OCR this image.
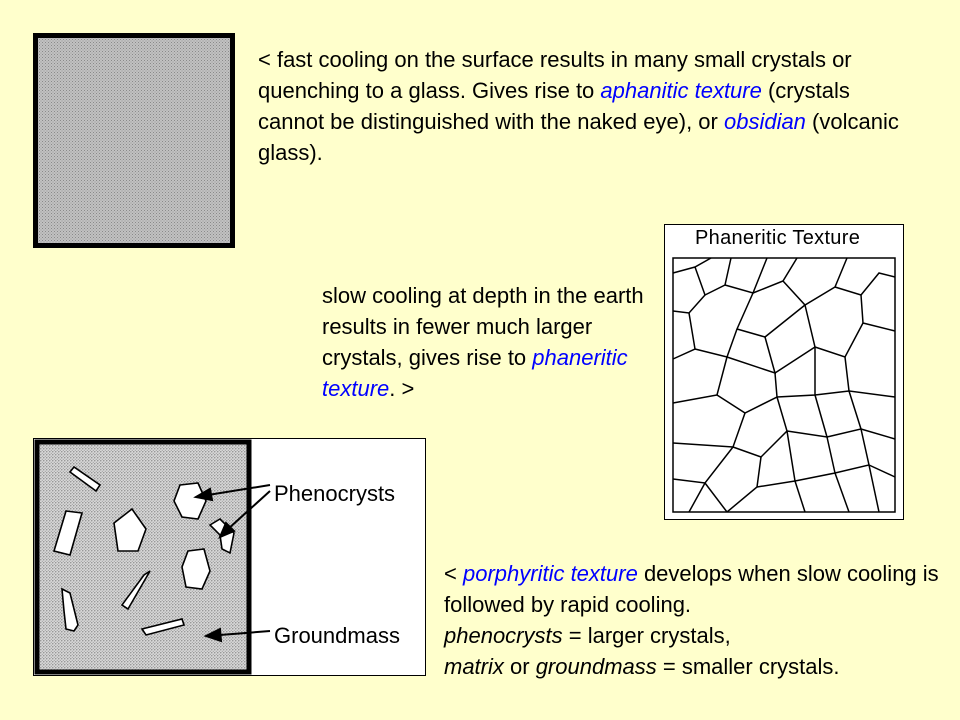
< fast cooling on the surface results in many small crystals or quenching to a glass. Gives rise to aphanitic texture (crystals cannot be distinguished with the naked eye), or obsidian (volcanic glass).

slow cooling at depth in the earth results in fewer much larger crystals, gives rise to phaneritic texture. >

Phaneritic Texture

Phenocrysts

Groundmass

< porphyritic texture develops when slow cooling is followed by rapid cooling.
phenocrysts = larger crystals,
matrix or groundmass = smaller crystals.
